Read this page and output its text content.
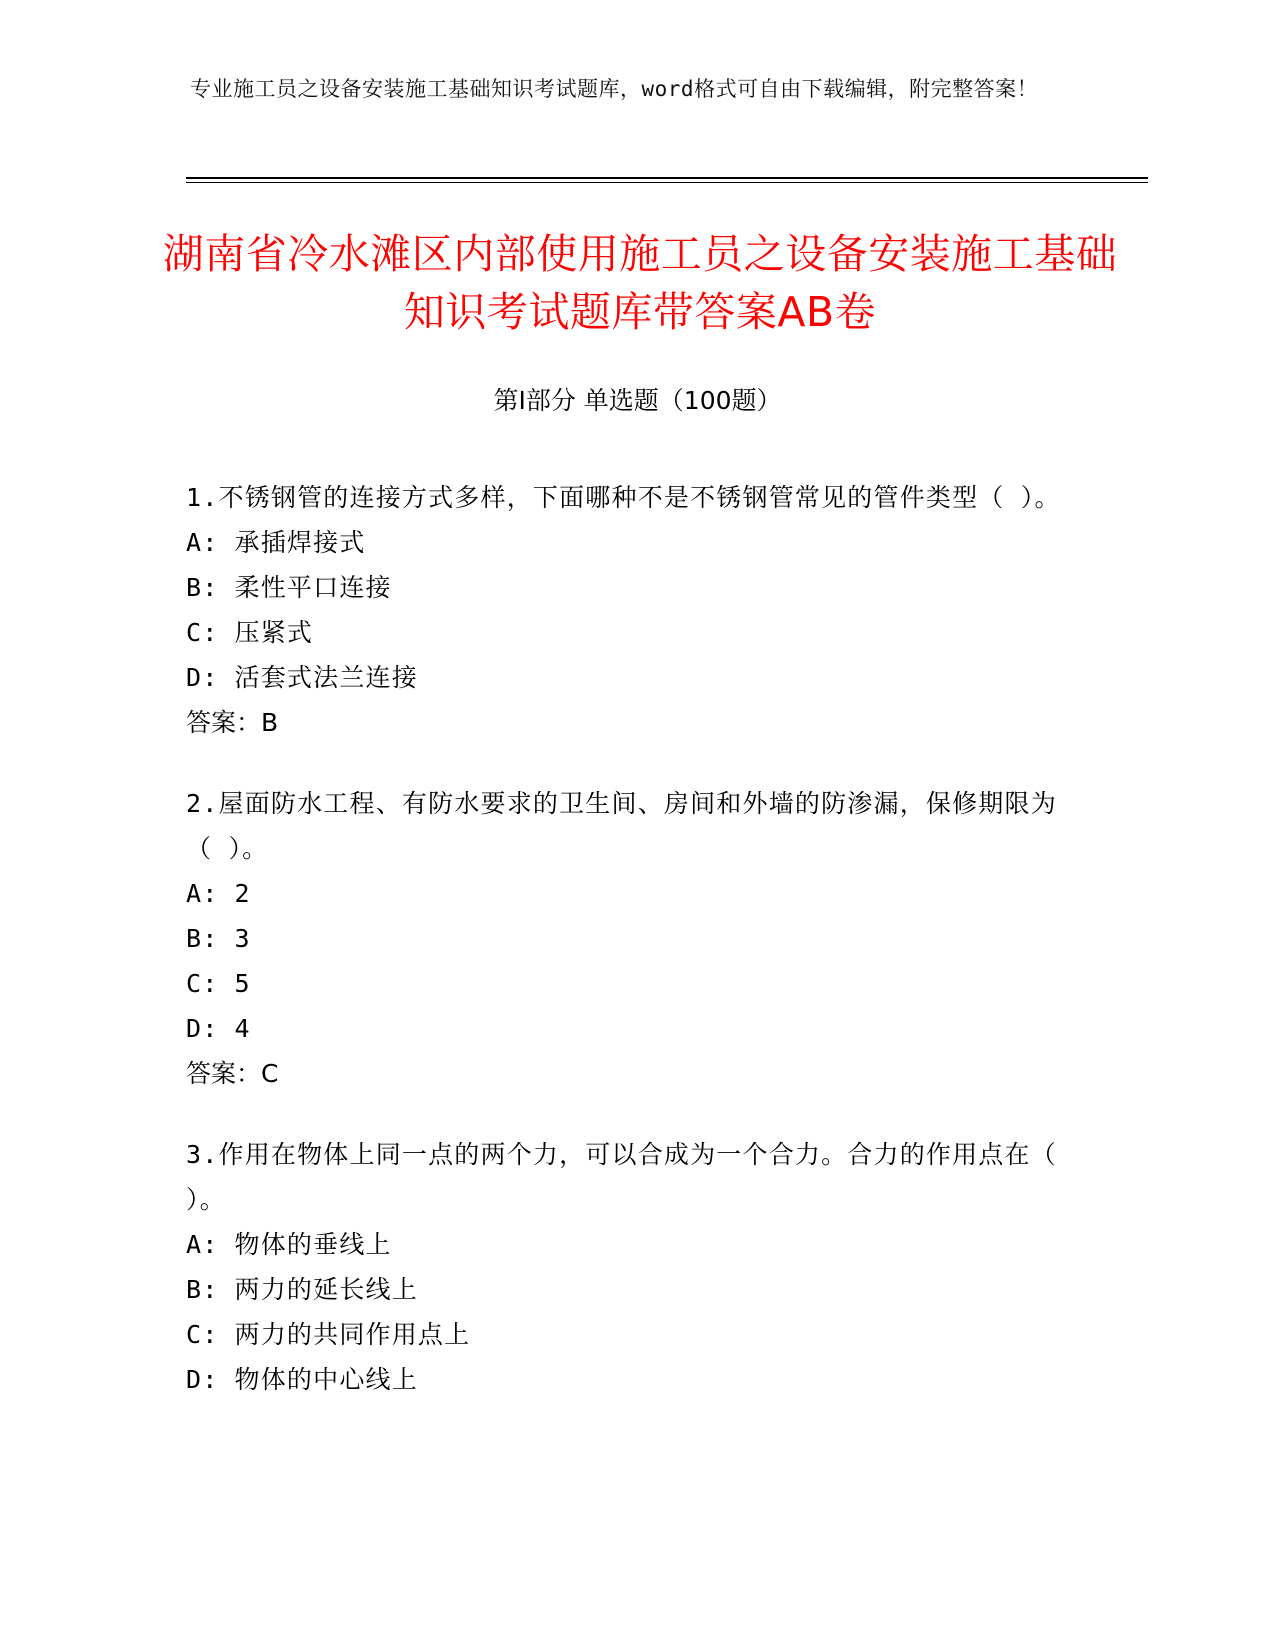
专业施工员之设备安装施工基础知识考试题库，word格式可自由下载编辑，附完整答案！
湖南省冷水滩区内部使用施工员之设备安装施工基础知识考试题库带答案AB卷
第Ⅰ部分 单选题（100题）
1.不锈钢管的连接方式多样，下面哪种不是不锈钢管常见的管件类型（ ）。
A: 承插焊接式
B: 柔性平口连接
C: 压紧式
D: 活套式法兰连接
答案：B
2.屋面防水工程、有防水要求的卫生间、房间和外墙的防渗漏，保修期限为（ ）。
A: 2
B: 3
C: 5
D: 4
答案：C
3.作用在物体上同一点的两个力，可以合成为一个合力。合力的作用点在（ ）。
A: 物体的垂线上
B: 两力的延长线上
C: 两力的共同作用点上
D: 物体的中心线上
